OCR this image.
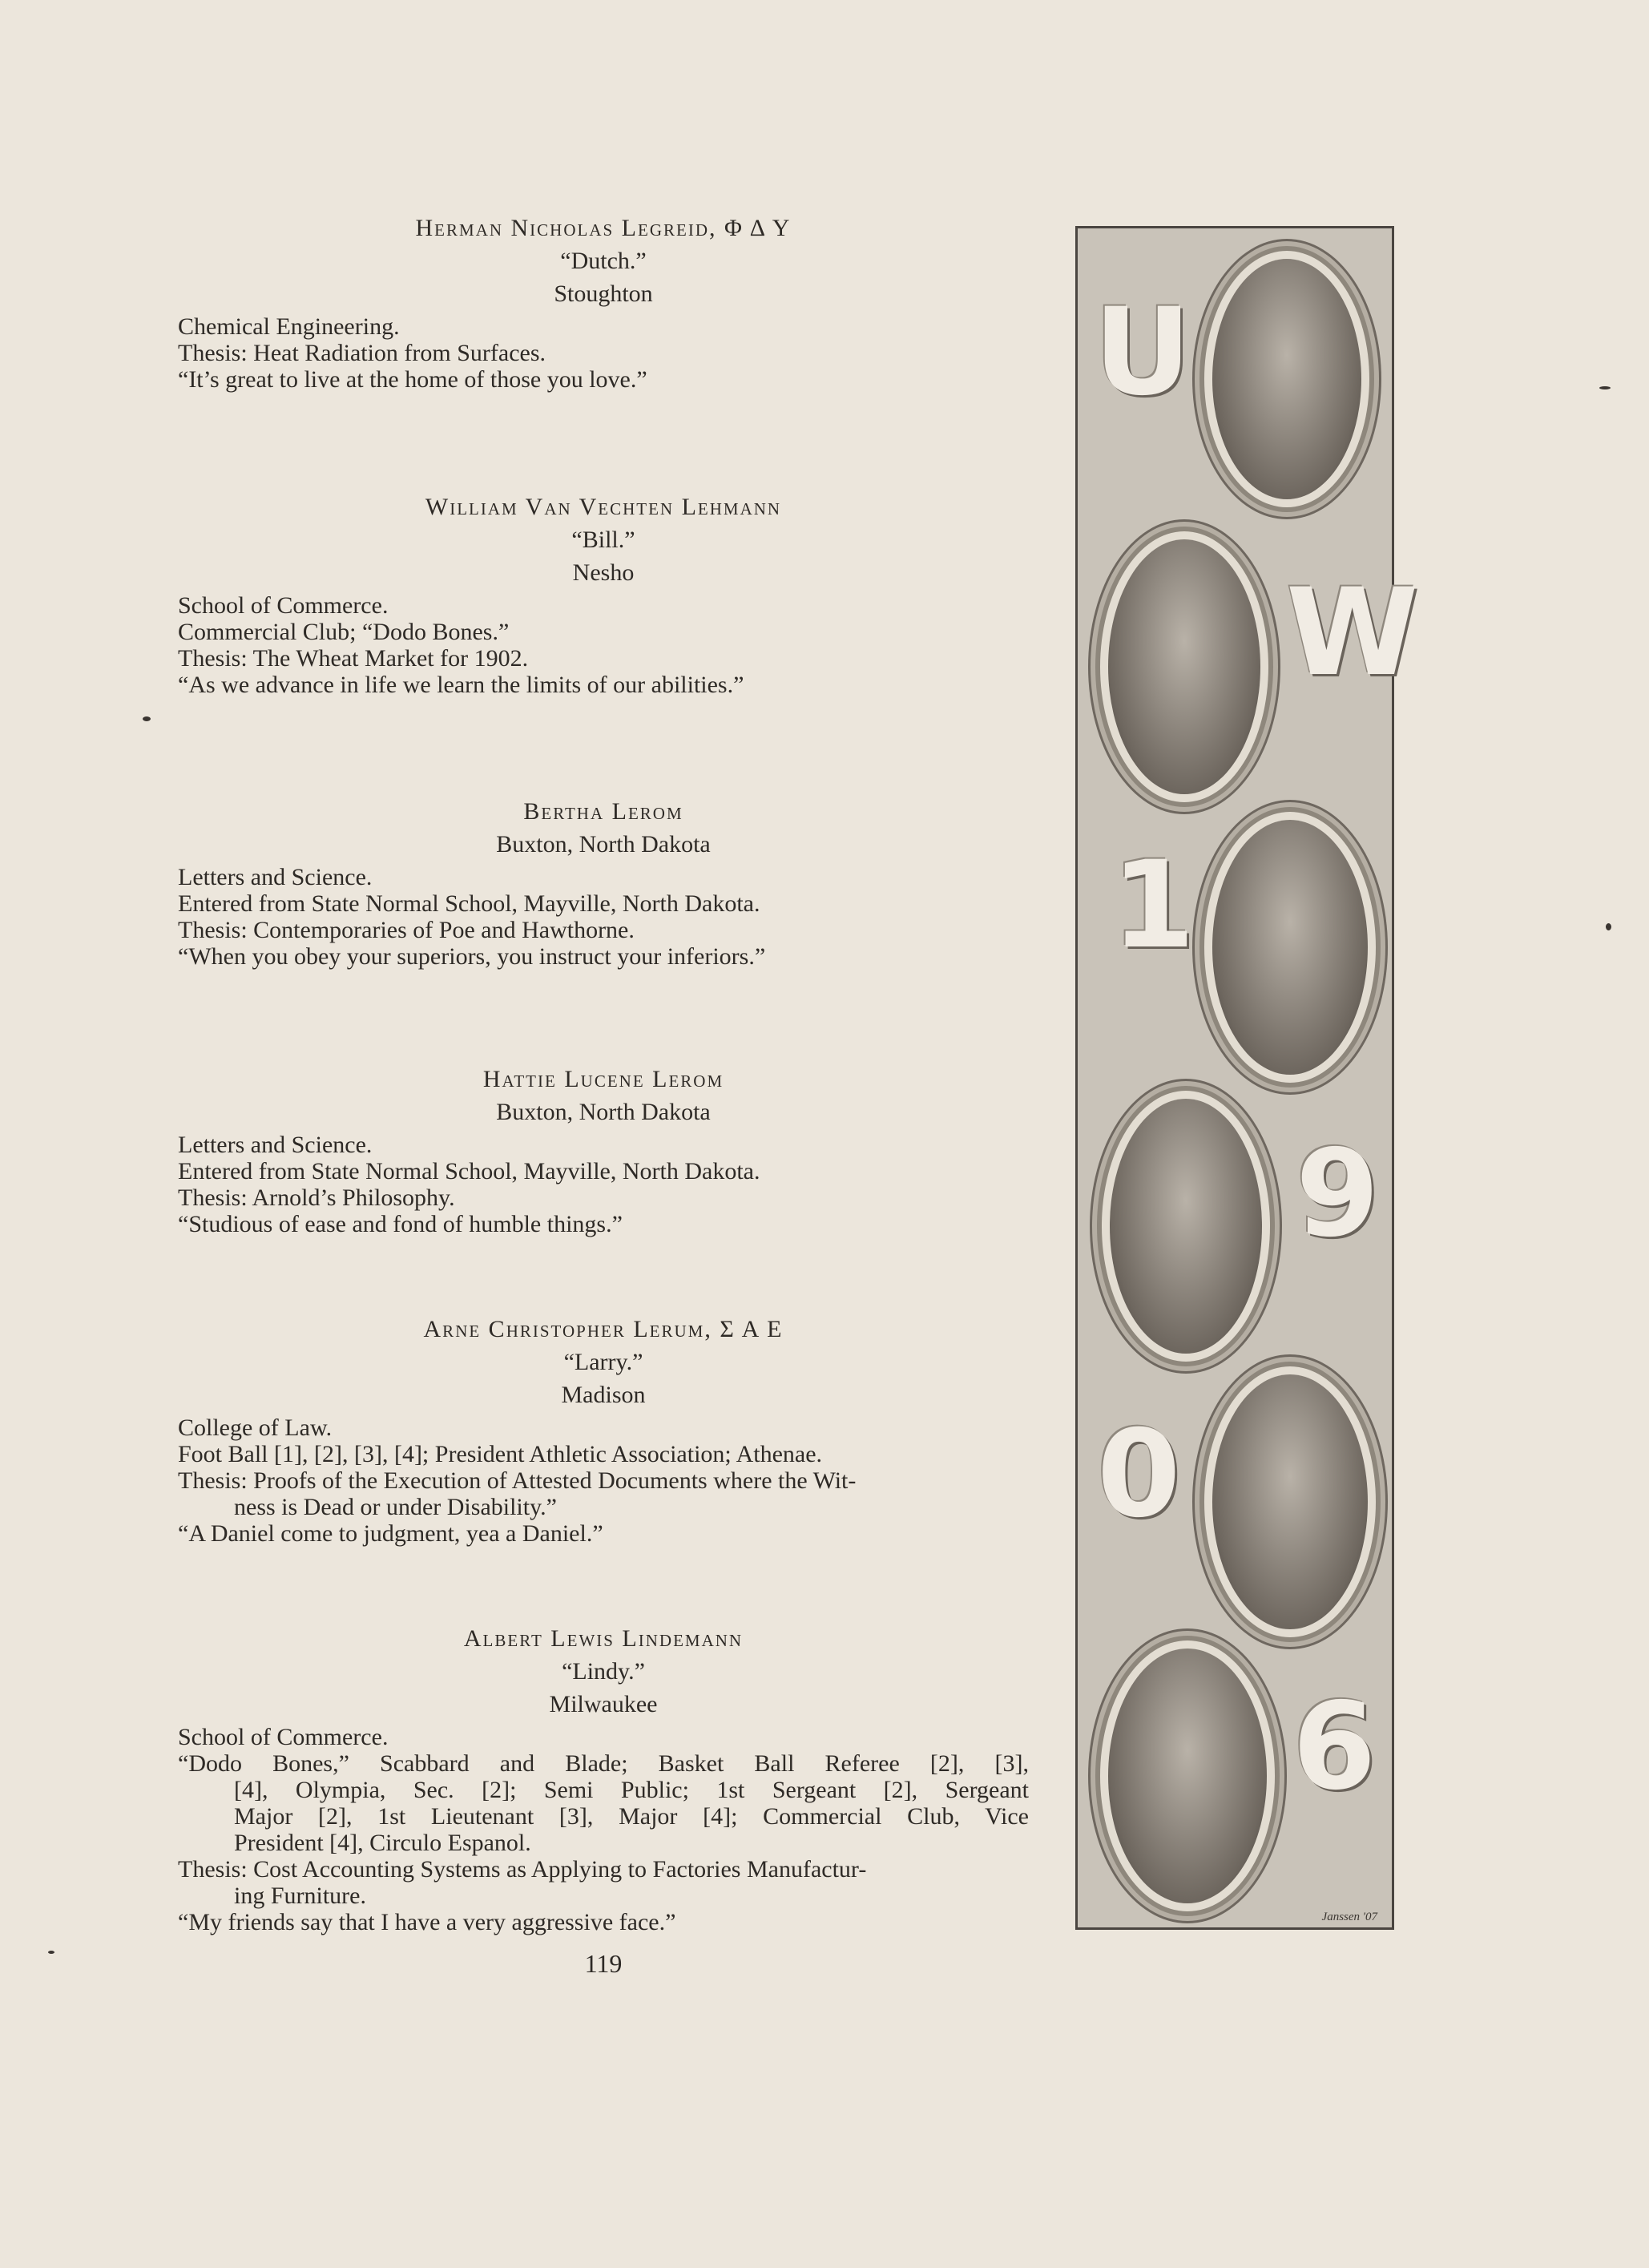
Herman Nicholas Legreid, Φ Δ Υ
“Dutch.”
Stoughton
Chemical Engineering.
Thesis: Heat Radiation from Surfaces.
“It’s great to live at the home of those you love.”
William Van Vechten Lehmann
“Bill.”
Nesho
School of Commerce.
Commercial Club; “Dodo Bones.”
Thesis: The Wheat Market for 1902.
“As we advance in life we learn the limits of our abilities.”
Bertha Lerom
Buxton, North Dakota
Letters and Science.
Entered from State Normal School, Mayville, North Dakota.
Thesis: Contemporaries of Poe and Hawthorne.
“When you obey your superiors, you instruct your inferiors.”
Hattie Lucene Lerom
Buxton, North Dakota
Letters and Science.
Entered from State Normal School, Mayville, North Dakota.
Thesis: Arnold’s Philosophy.
“Studious of ease and fond of humble things.”
Arne Christopher Lerum, Σ Α Ε
“Larry.”
Madison
College of Law.
Foot Ball [1], [2], [3], [4]; President Athletic Association; Athenae.
Thesis: Proofs of the Execution of Attested Documents where the Wit-
ness is Dead or under Disability.”
“A Daniel come to judgment, yea a Daniel.”
Albert Lewis Lindemann
“Lindy.”
Milwaukee
School of Commerce.
“Dodo Bones,” Scabbard and Blade; Basket Ball Referee [2], [3],
[4], Olympia, Sec. [2]; Semi Public; 1st Sergeant [2], Sergeant
Major [2], 1st Lieutenant [3], Major [4]; Commercial Club, Vice
President [4], Circulo Espanol.
Thesis: Cost Accounting Systems as Applying to Factories Manufactur-
ing Furniture.
“My friends say that I have a very aggressive face.”
119
U
W
1
9
0
6
Janssen '07
